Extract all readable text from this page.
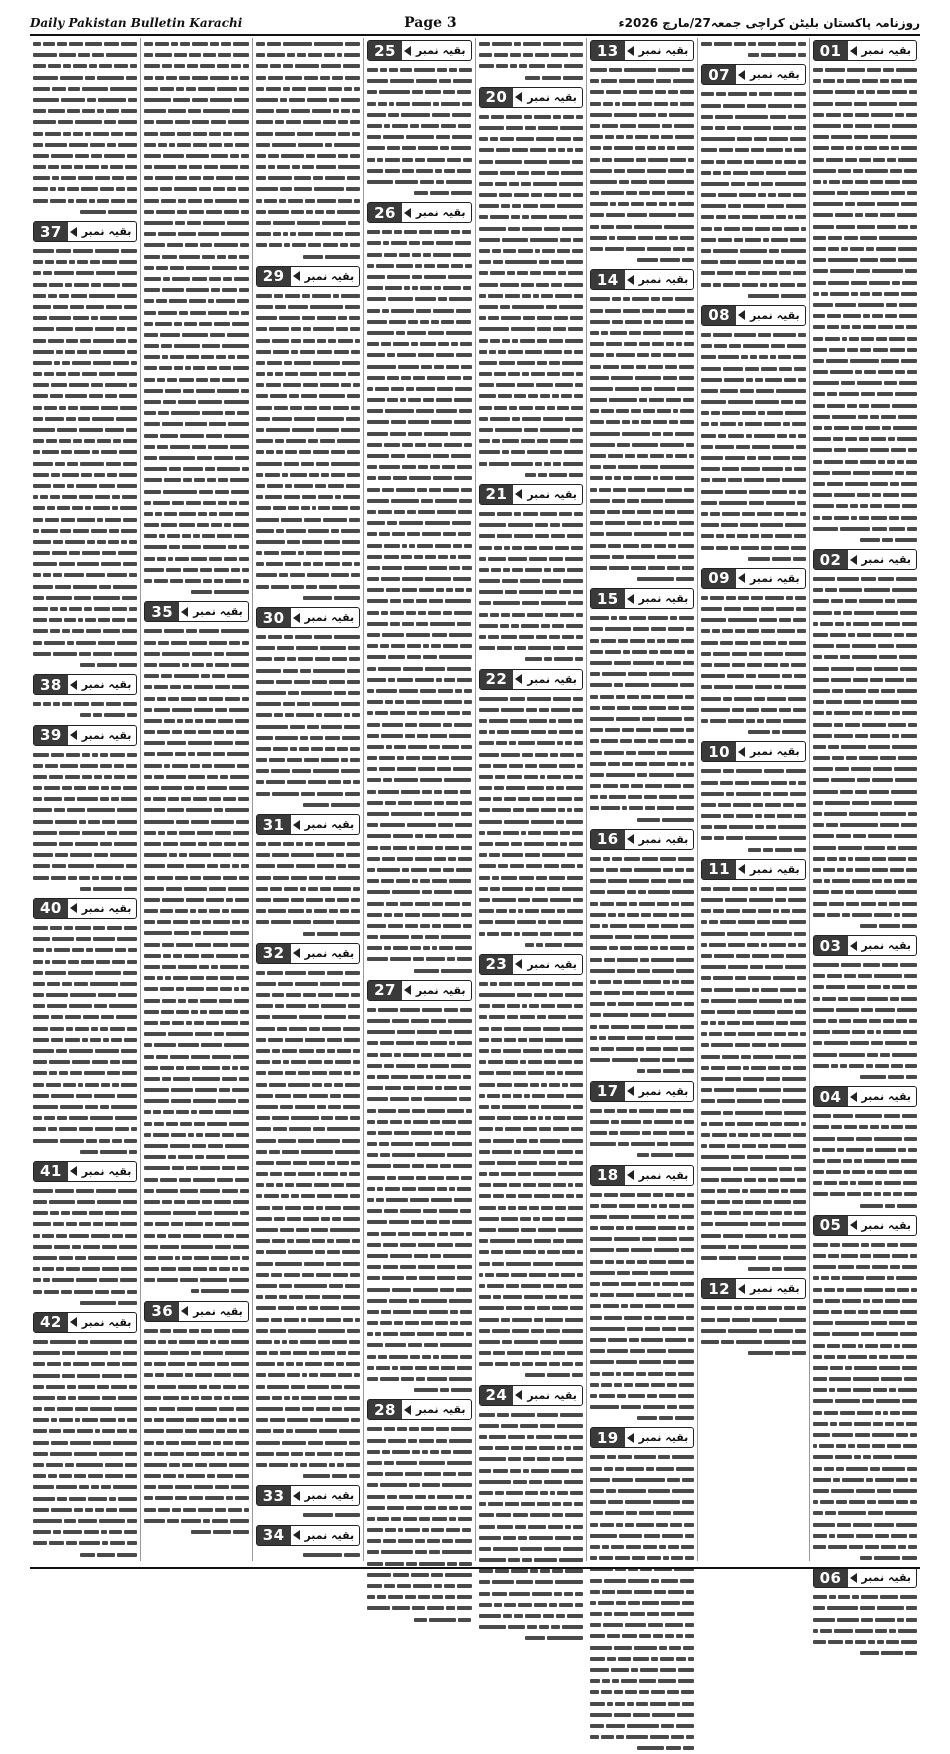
Daily Pakistan Bulletin Karachi	Page 3	روزنامہ پاکستان بلیٹن کراچی جمعہ27/مارچ 2026ء
01	بقیہ نمبر
02	بقیہ نمبر
03	بقیہ نمبر
04	بقیہ نمبر
05	بقیہ نمبر
06	بقیہ نمبر
07	بقیہ نمبر
08	بقیہ نمبر
09	بقیہ نمبر
10	بقیہ نمبر
11	بقیہ نمبر
12	بقیہ نمبر
13	بقیہ نمبر
14	بقیہ نمبر
15	بقیہ نمبر
16	بقیہ نمبر
17	بقیہ نمبر
18	بقیہ نمبر
19	بقیہ نمبر
20	بقیہ نمبر
21	بقیہ نمبر
22	بقیہ نمبر
23	بقیہ نمبر
24	بقیہ نمبر
25	بقیہ نمبر
26	بقیہ نمبر
27	بقیہ نمبر
28	بقیہ نمبر
29	بقیہ نمبر
30	بقیہ نمبر
31	بقیہ نمبر
32	بقیہ نمبر
33	بقیہ نمبر
34	بقیہ نمبر
35	بقیہ نمبر
36	بقیہ نمبر
37	بقیہ نمبر
38	بقیہ نمبر
39	بقیہ نمبر
40	بقیہ نمبر
41	بقیہ نمبر
42	بقیہ نمبر
